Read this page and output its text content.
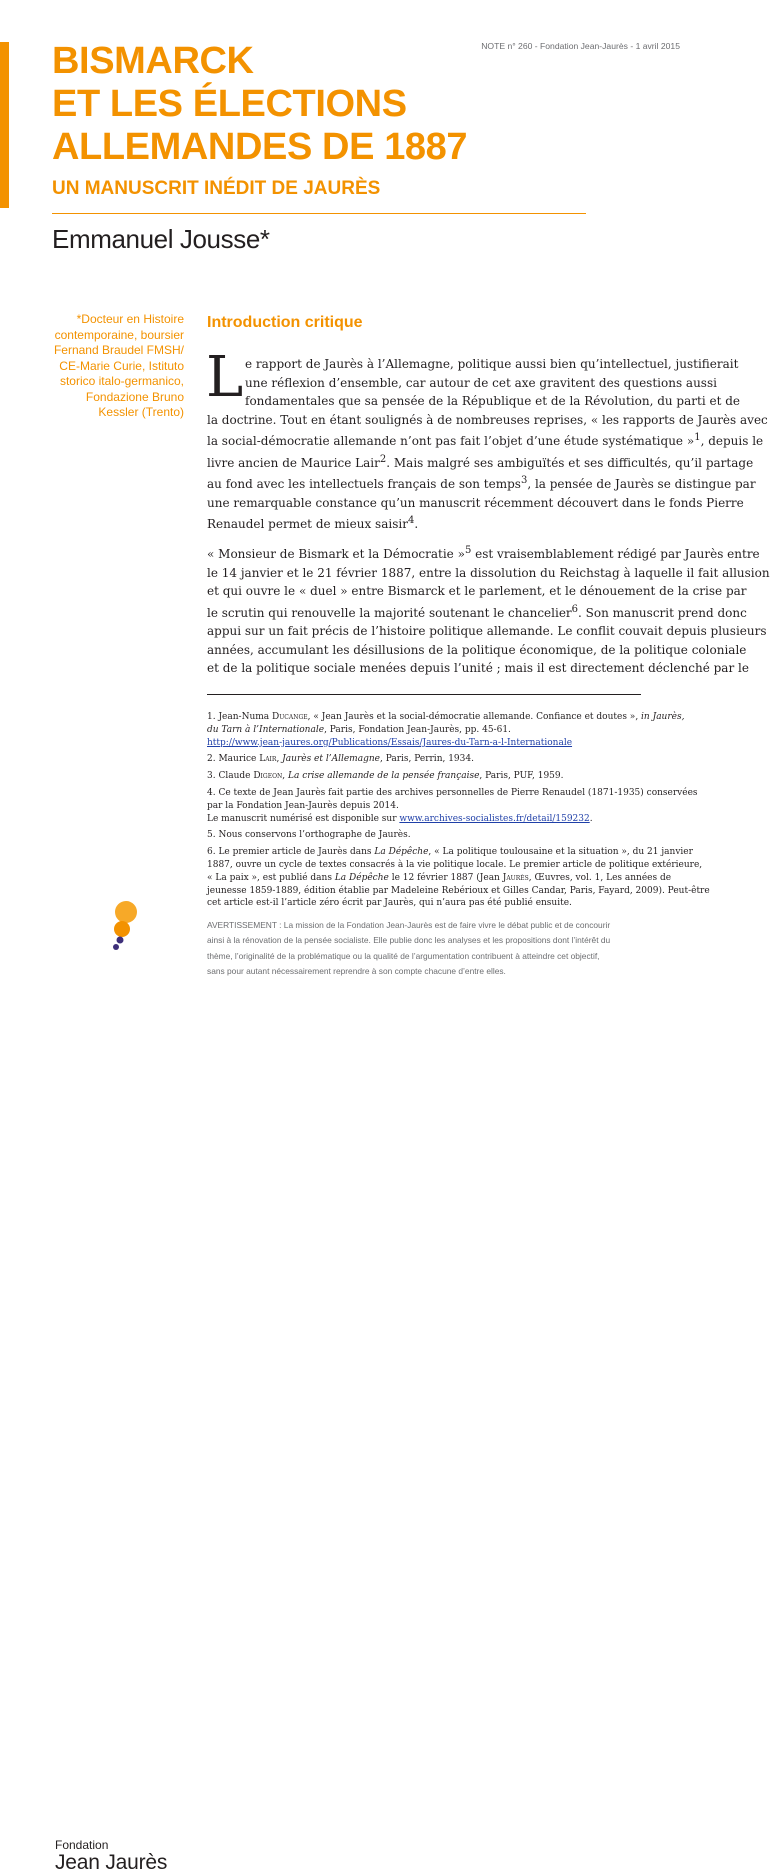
NOTE n° 260 - Fondation Jean-Jaurès - 1 avril 2015
BISMARCK
ET LES ÉLECTIONS
ALLEMANDES DE 1887
UN MANUSCRIT INÉDIT DE JAURÈS
Emmanuel Jousse*
*Docteur en Histoire
contemporaine, boursier
Fernand Braudel FMSH/
CE-Marie Curie, Istituto
storico italo-germanico,
Fondazione Bruno
Kessler (Trento)
Introduction critique
L e rapport de Jaurès à l’Allemagne, politique aussi bien qu’intellectuel, justifierait
une réflexion d’ensemble, car autour de cet axe gravitent des questions aussi
fondamentales que sa pensée de la République et de la Révolution, du parti et de
la doctrine. Tout en étant soulignés à de nombreuses reprises, « les rapports de Jaurès avec
la social-démocratie allemande n’ont pas fait l’objet d’une étude systématique »$^1$, depuis le
livre ancien de Maurice Lair$^2$. Mais malgré ses ambiguïtés et ses difficultés, qu’il partage
au fond avec les intellectuels français de son temps$^3$, la pensée de Jaurès se distingue par
une remarquable constance qu’un manuscrit récemment découvert dans le fonds Pierre
Renaudel permet de mieux saisir$^4$.
« Monsieur de Bismark et la Démocratie »$^5$ est vraisemblablement rédigé par Jaurès entre
le 14 janvier et le 21 février 1887, entre la dissolution du Reichstag à laquelle il fait allusion
et qui ouvre le « duel » entre Bismarck et le parlement, et le dénouement de la crise par
le scrutin qui renouvelle la majorité soutenant le chancelier$^6$. Son manuscrit prend donc
appui sur un fait précis de l’histoire politique allemande. Le conflit couvait depuis plusieurs
années, accumulant les désillusions de la politique économique, de la politique coloniale
et de la politique sociale menées depuis l’unité ; mais il est directement déclenché par le
1. Jean-Numa Ducange, « Jean Jaurès et la social-démocratie allemande. Confiance et doutes », in Jaurès,
du Tarn à l’Internationale, Paris, Fondation Jean-Jaurès, pp. 45-61.
http://www.jean-jaures.org/Publications/Essais/Jaures-du-Tarn-a-l-Internationale
2. Maurice Lair, Jaurès et l’Allemagne, Paris, Perrin, 1934.
3. Claude Digeon, La crise allemande de la pensée française, Paris, PUF, 1959.
4. Ce texte de Jean Jaurès fait partie des archives personnelles de Pierre Renaudel (1871-1935) conservées
par la Fondation Jean-Jaurès depuis 2014.
Le manuscrit numérisé est disponible sur www.archives-socialistes.fr/detail/159232.
5. Nous conservons l’orthographe de Jaurès.
6. Le premier article de Jaurès dans La Dépêche, « La politique toulousaine et la situation », du 21 janvier
1887, ouvre un cycle de textes consacrés à la vie politique locale. Le premier article de politique extérieure,
« La paix », est publié dans La Dépêche le 12 février 1887 (Jean Jaurès, Œuvres, vol. 1, Les années de
jeunesse 1859-1889, édition établie par Madeleine Rebérioux et Gilles Candar, Paris, Fayard, 2009). Peut-être
cet article est-il l’article zéro écrit par Jaurès, qui n’aura pas été publié ensuite.
AVERTISSEMENT : La mission de la Fondation Jean-Jaurès est de faire vivre le débat public et de concourir
ainsi à la rénovation de la pensée socialiste. Elle publie donc les analyses et les propositions dont l’intérêt du
thème, l’originalité de la problématique ou la qualité de l’argumentation contribuent à atteindre cet objectif,
sans pour autant nécessairement reprendre à son compte chacune d’entre elles.
Fondation
Jean Jaurès
